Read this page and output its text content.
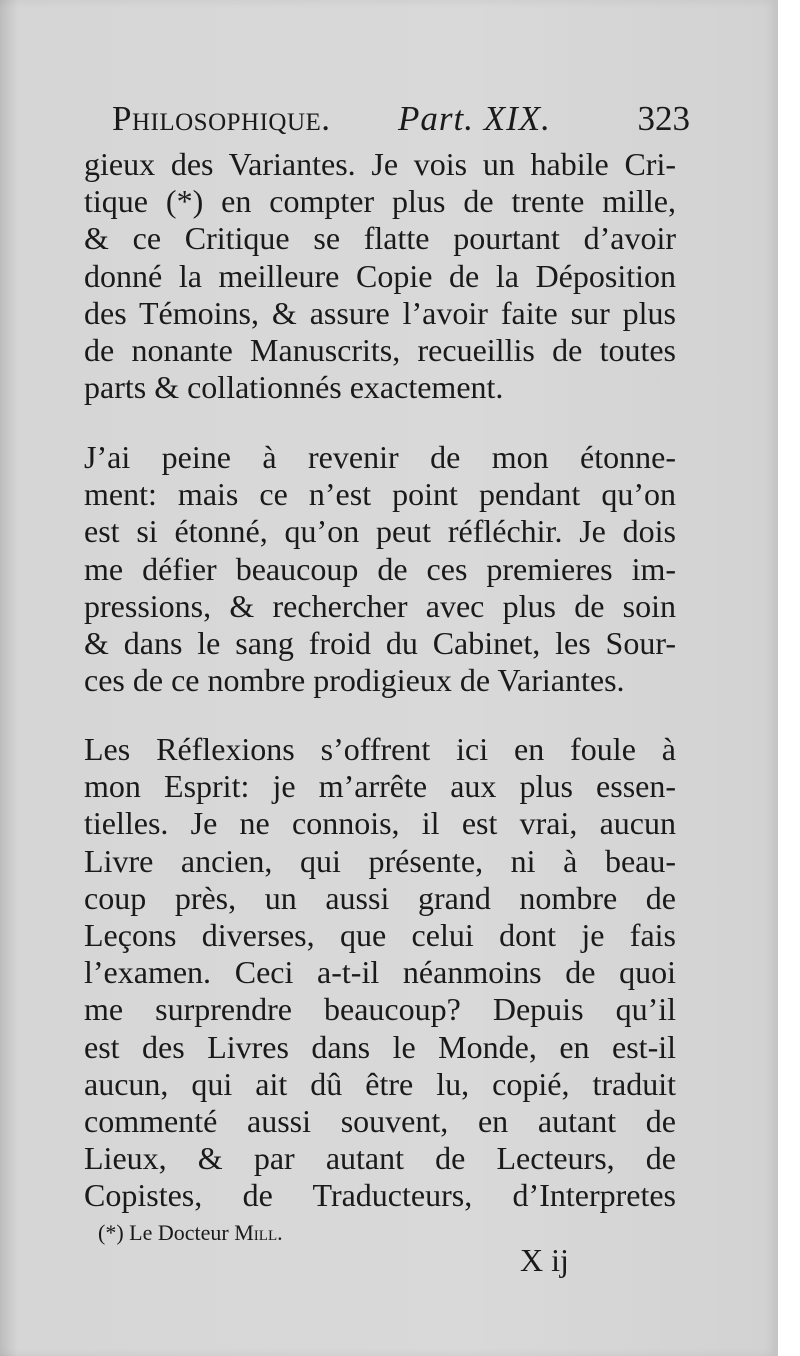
Philosophique. Part. XIX. 323
gieux des Variantes. Je vois un habile Cri-
tique (*) en compter plus de trente mille,
& ce Critique se flatte pourtant d’avoir
donné la meilleure Copie de la Déposition
des Témoins, & assure l’avoir faite sur plus
de nonante Manuscrits, recueillis de toutes
parts & collationnés exactement.
J’ai peine à revenir de mon étonne-
ment: mais ce n’est point pendant qu’on
est si étonné, qu’on peut réfléchir. Je dois
me défier beaucoup de ces premieres im-
pressions, & rechercher avec plus de soin
& dans le sang froid du Cabinet, les Sour-
ces de ce nombre prodigieux de Variantes.
Les Réflexions s’offrent ici en foule à
mon Esprit: je m’arrête aux plus essen-
tielles. Je ne connois, il est vrai, aucun
Livre ancien, qui présente, ni à beau-
coup près, un aussi grand nombre de
Leçons diverses, que celui dont je fais
l’examen. Ceci a-t-il néanmoins de quoi
me surprendre beaucoup? Depuis qu’il
est des Livres dans le Monde, en est-il
aucun, qui ait dû être lu, copié, traduit
commenté aussi souvent, en autant de
Lieux, & par autant de Lecteurs, de
Copistes, de Traducteurs, d’Interpretes
(*) Le Docteur Mill.
X ij
